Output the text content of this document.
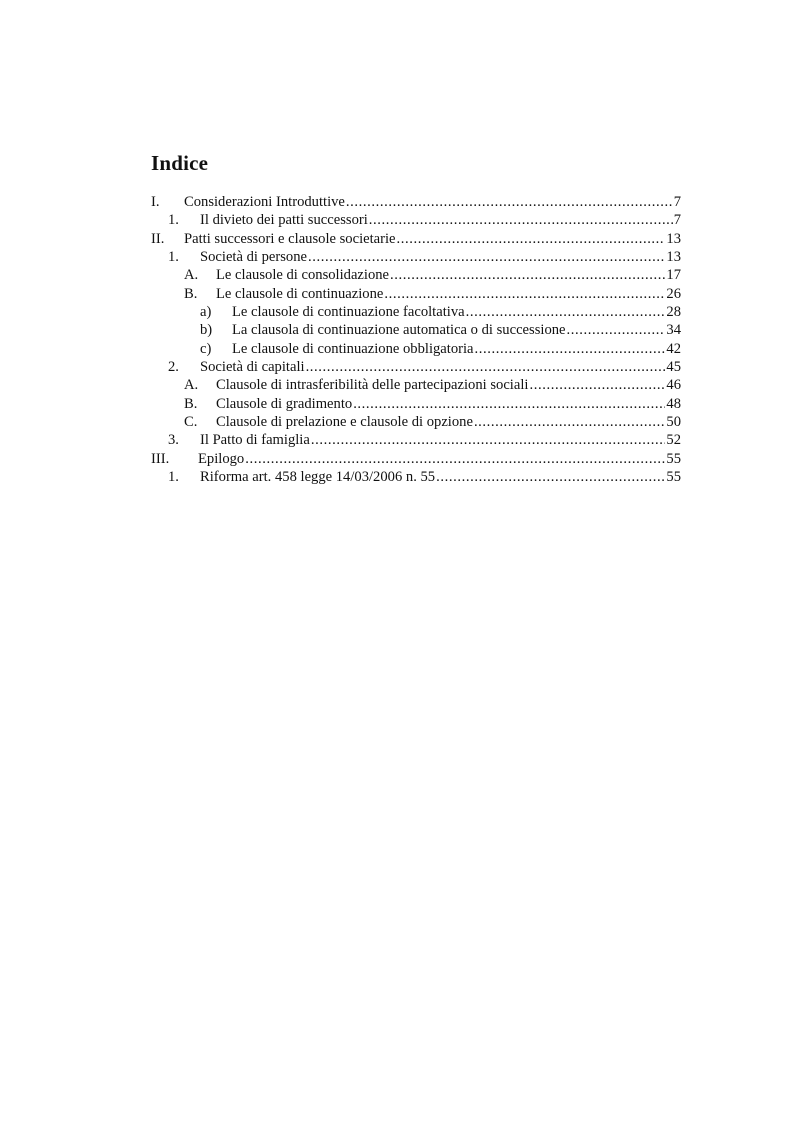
Indice
I. Considerazioni Introduttive .....	7
1. Il divieto dei patti successori .....	7
II. Patti successori e clausole societarie .....	13
1. Società di persone .....	13
A. Le clausole di consolidazione .....	17
B. Le clausole di continuazione .....	26
a) Le clausole di continuazione facoltativa .....	28
b) La clausola di continuazione automatica o di successione .....	34
c) Le clausole di continuazione obbligatoria .....	42
2. Società di capitali .....	45
A. Clausole di intrasferibilità delle partecipazioni sociali .....	46
B. Clausole di gradimento .....	48
C. Clausole di prelazione e clausole di opzione .....	50
3. Il Patto di famiglia .....	52
III. Epilogo .....	55
1. Riforma art. 458 legge 14/03/2006 n. 55 .....	55
